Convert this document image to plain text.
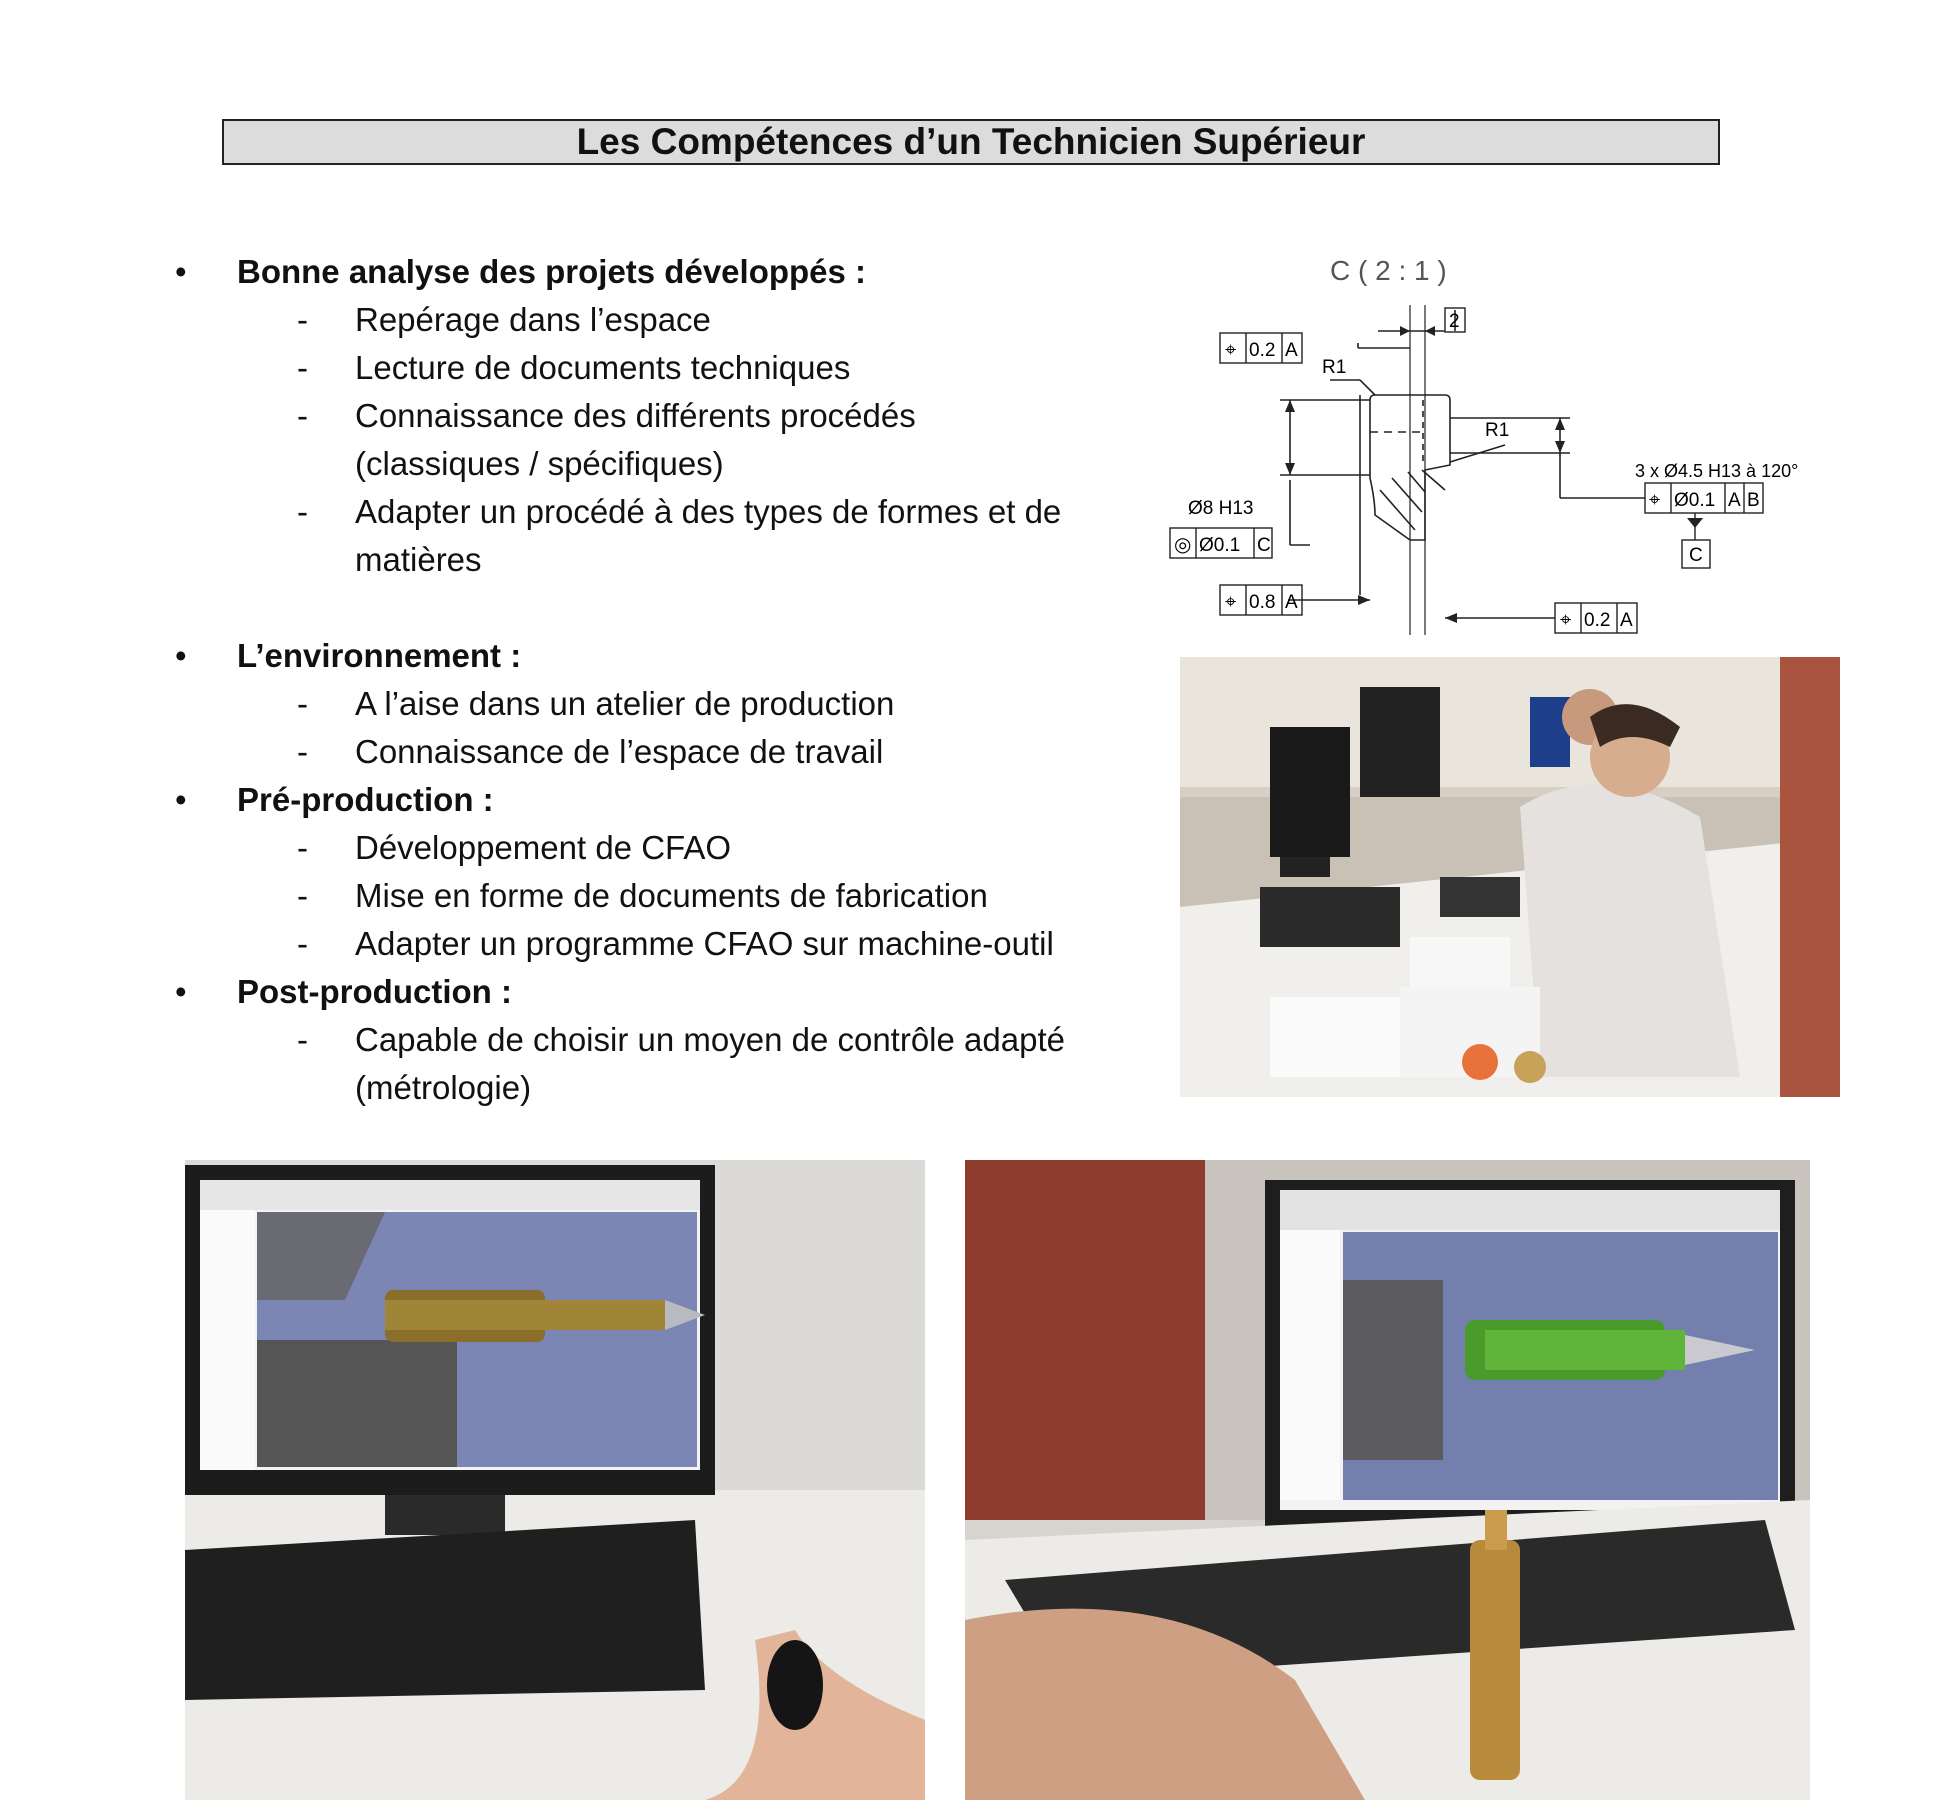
Les Compétences d’un Technicien Supérieur
• Bonne analyse des projets développés :
- Repérage dans l’espace
- Lecture de documents techniques
- Connaissance des différents procédés
(classiques / spécifiques)
- Adapter un procédé à des types de formes et de
matières
• L’environnement :
- A l’aise dans un atelier de production
- Connaissance de l’espace de travail
• Pré-production :
- Développement de CFAO
- Mise en forme de documents de fabrication
- Adapter un programme CFAO sur machine-outil
• Post-production :
- Capable de choisir un moyen de contrôle adapté
(métrologie)
C ( 2 : 1 )
2
R1
R1
⌖ 0.2 A
Ø8 H13
◎ Ø0.1 C
⌖ 0.8 A
⌖ 0.2 A
3 x Ø4.5 H13 à 120°
⌖ Ø0.1 A B
C
